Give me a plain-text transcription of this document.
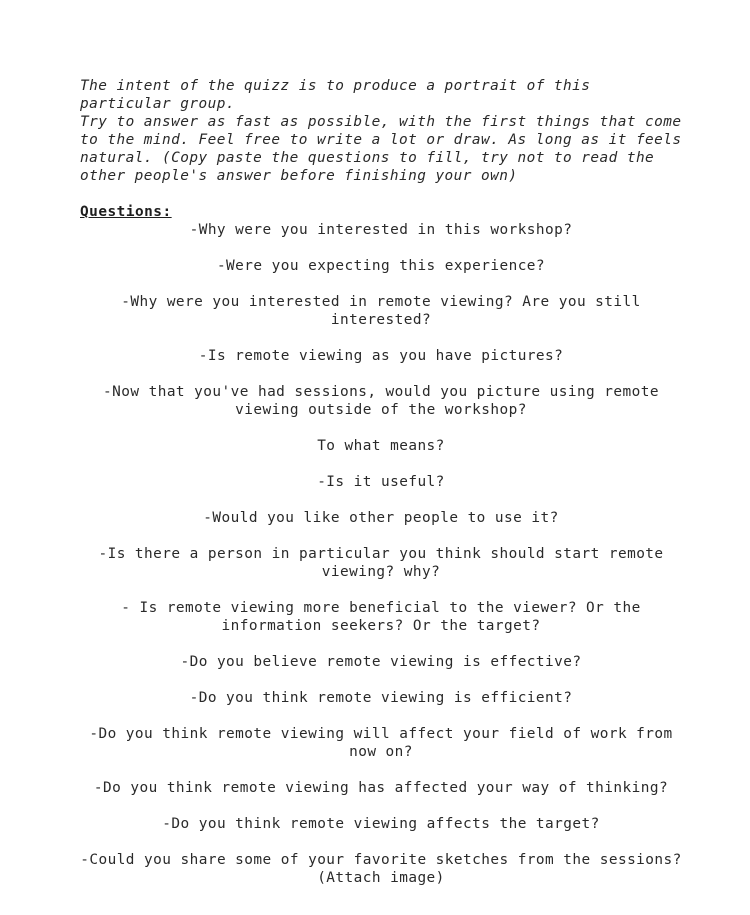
The intent of the quizz is to produce a portrait of this particular group.

Try to answer as fast as possible, with the first things that come to the mind. Feel free to write a lot or draw. As long as it feels natural. (Copy paste the questions to fill, try not to read the other people's answer before finishing your own)

Questions:
-Why were you interested in this workshop?
-Were you expecting this experience?
-Why were you interested in remote viewing? Are you still interested?
-Is remote viewing as you have pictures?
-Now that you've had sessions, would you picture using remote viewing outside of the workshop?
To what means?
-Is it useful?
-Would you like other people to use it?
-Is there a person in particular you think should start remote viewing? why?
- Is remote viewing more beneficial to the viewer? Or the information seekers? Or the target?
-Do you believe remote viewing is effective?
-Do you think remote viewing is efficient?
-Do you think remote viewing will affect your field of work from now on?
-Do you think remote viewing has affected your way of thinking?
-Do you think remote viewing affects the target?
-Could you share some of your favorite sketches from the sessions? (Attach image)
